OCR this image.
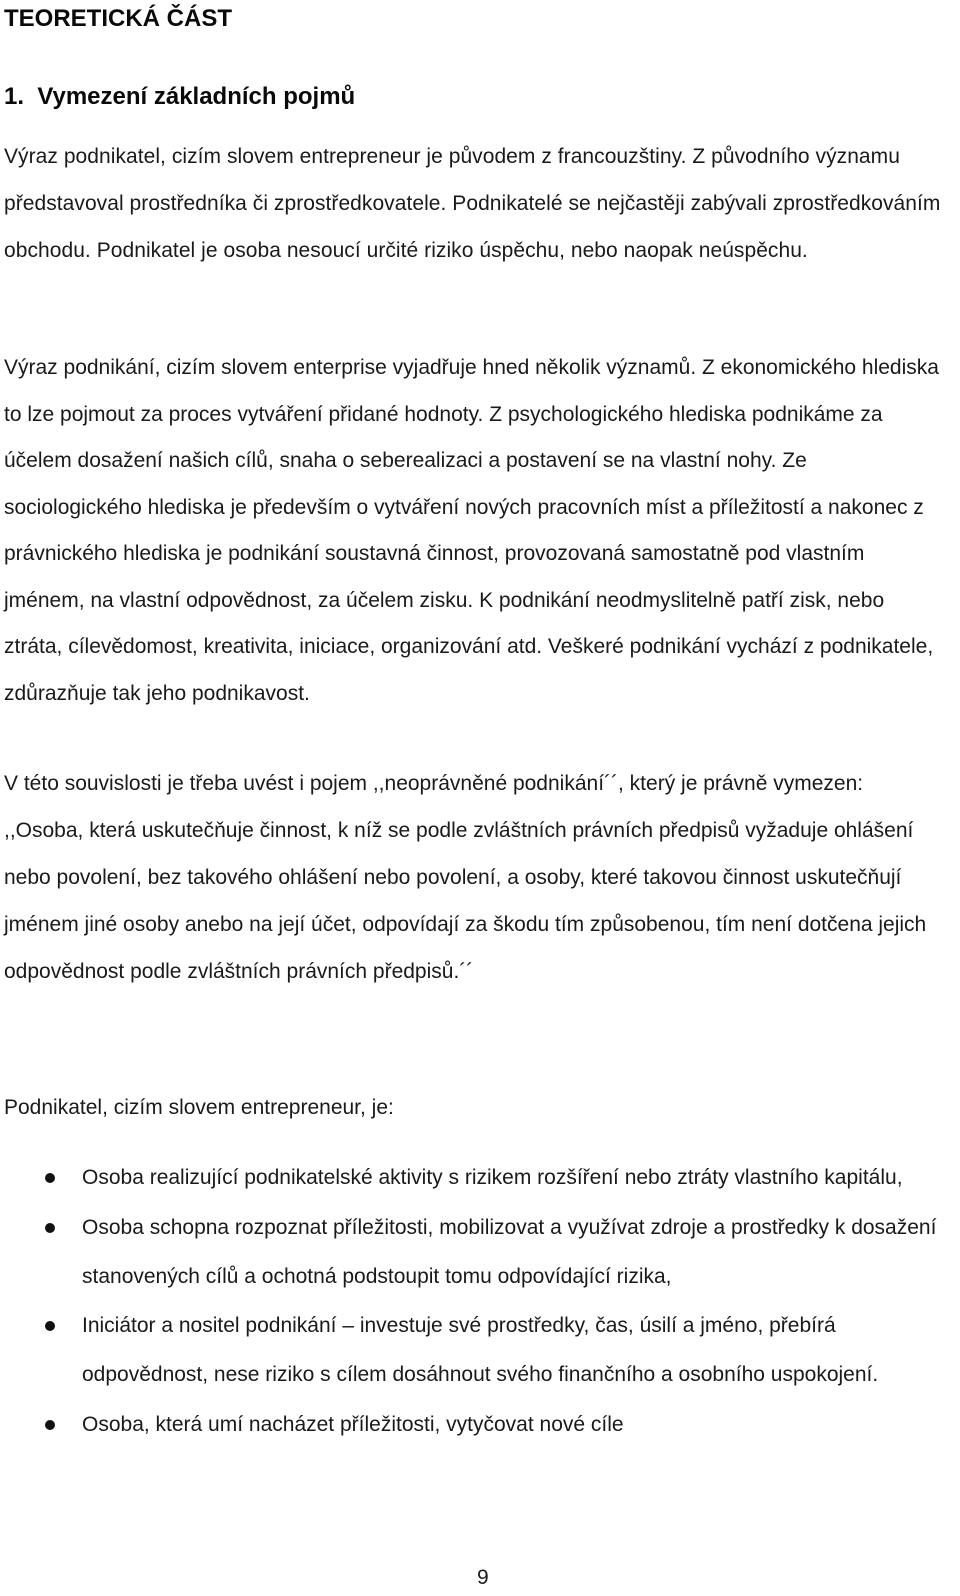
TEORETICKÁ ČÁST
1.  Vymezení základních pojmů

Výraz podnikatel, cizím slovem entrepreneur je původem z francouzštiny. Z původního významu představoval prostředníka či zprostředkovatele. Podnikatelé se nejčastěji zabývali zprostředkováním obchodu. Podnikatel je osoba nesoucí určité riziko úspěchu, nebo naopak neúspěchu.

Výraz podnikání, cizím slovem enterprise vyjadřuje hned několik významů. Z ekonomického hlediska to lze pojmout za proces vytváření přidané hodnoty. Z psychologického hlediska podnikáme za účelem dosažení našich cílů, snaha o seberealizaci a postavení se na vlastní nohy. Ze sociologického hlediska je především o vytváření nových pracovních míst a příležitostí a nakonec z právnického hlediska je podnikání soustavná činnost, provozovaná samostatně pod vlastním jménem, na vlastní odpovědnost, za účelem zisku. K podnikání neodmyslitelně patří zisk, nebo ztráta, cílevědomost, kreativita, iniciace, organizování atd. Veškeré podnikání vychází z podnikatele, zdůrazňuje tak jeho podnikavost.

V této souvislosti je třeba uvést i pojem ,,neoprávněné podnikání´´, který je právně vymezen: ,,Osoba, která uskutečňuje činnost, k níž se podle zvláštních právních předpisů vyžaduje ohlášení nebo povolení, bez takového ohlášení nebo povolení, a osoby, které takovou činnost uskutečňují jménem jiné osoby anebo na její účet, odpovídají za škodu tím způsobenou, tím není dotčena jejich odpovědnost podle zvláštních právních předpisů.´´

Podnikatel, cizím slovem entrepreneur, je:

Osoba realizující podnikatelské aktivity s rizikem rozšíření nebo ztráty vlastního kapitálu,
Osoba schopna rozpoznat příležitosti, mobilizovat a využívat zdroje a prostředky k dosažení stanovených cílů a ochotná podstoupit tomu odpovídající rizika,
Iniciátor a nositel podnikání – investuje své prostředky, čas, úsilí a jméno, přebírá odpovědnost, nese riziko s cílem dosáhnout svého finančního a osobního uspokojení.
Osoba, která umí nacházet příležitosti, vytyčovat nové cíle

9
